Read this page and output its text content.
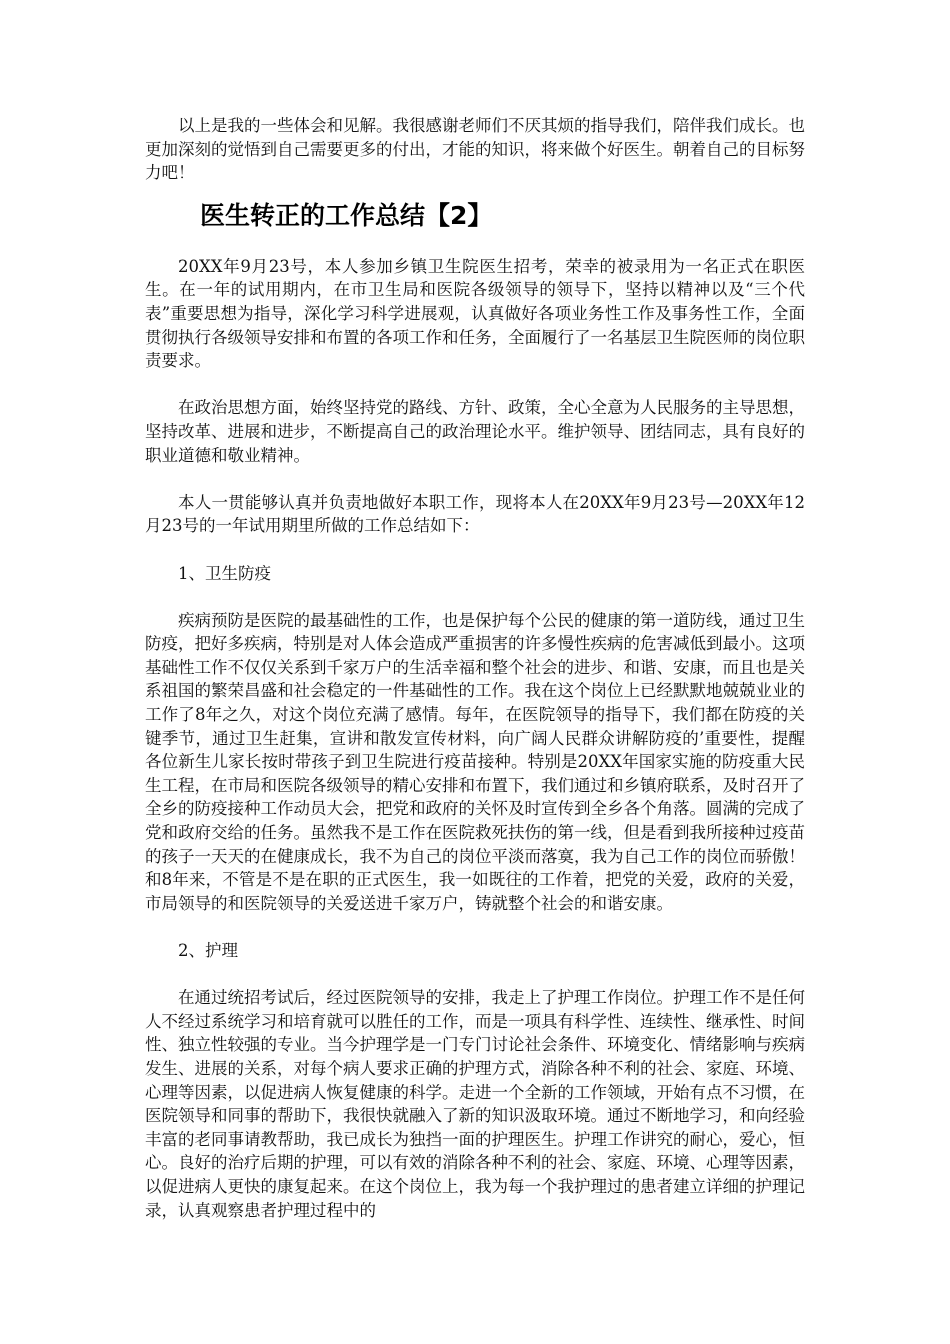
以上是我的一些体会和见解。我很感谢老师们不厌其烦的指导我们，陪伴我们成长。也更加深刻的觉悟到自己需要更多的付出，才能的知识，将来做个好医生。朝着自己的目标努力吧！

医生转正的工作总结【2】

20XX年9月23号，本人参加乡镇卫生院医生招考，荣幸的被录用为一名正式在职医生。在一年的试用期内，在市卫生局和医院各级领导的领导下，坚持以精神以及“三个代表”重要思想为指导，深化学习科学进展观，认真做好各项业务性工作及事务性工作，全面贯彻执行各级领导安排和布置的各项工作和任务，全面履行了一名基层卫生院医师的岗位职责要求。

在政治思想方面，始终坚持党的路线、方针、政策，全心全意为人民服务的主导思想，坚持改革、进展和进步，不断提高自己的政治理论水平。维护领导、团结同志，具有良好的职业道德和敬业精神。

本人一贯能够认真并负责地做好本职工作，现将本人在20XX年9月23号—20XX年12月23号的一年试用期里所做的工作总结如下：

1、卫生防疫

疾病预防是医院的最基础性的工作，也是保护每个公民的健康的第一道防线，通过卫生防疫，把好多疾病，特别是对人体会造成严重损害的许多慢性疾病的危害减低到最小。这项基础性工作不仅仅关系到千家万户的生活幸福和整个社会的进步、和谐、安康，而且也是关系祖国的繁荣昌盛和社会稳定的一件基础性的工作。我在这个岗位上已经默默地兢兢业业的工作了8年之久，对这个岗位充满了感情。每年，在医院领导的指导下，我们都在防疫的关键季节，通过卫生赶集，宣讲和散发宣传材料，向广阔人民群众讲解防疫的’重要性，提醒各位新生儿家长按时带孩子到卫生院进行疫苗接种。特别是20XX年国家实施的防疫重大民生工程，在市局和医院各级领导的精心安排和布置下，我们通过和乡镇府联系，及时召开了全乡的防疫接种工作动员大会，把党和政府的关怀及时宣传到全乡各个角落。圆满的完成了党和政府交给的任务。虽然我不是工作在医院救死扶伤的第一线，但是看到我所接种过疫苗的孩子一天天的在健康成长，我不为自己的岗位平淡而落寞，我为自己工作的岗位而骄傲！和8年来，不管是不是在职的正式医生，我一如既往的工作着，把党的关爱，政府的关爱，市局领导的和医院领导的关爱送进千家万户，铸就整个社会的和谐安康。

2、护理

在通过统招考试后，经过医院领导的安排，我走上了护理工作岗位。护理工作不是任何人不经过系统学习和培育就可以胜任的工作，而是一项具有科学性、连续性、继承性、时间性、独立性较强的专业。当今护理学是一门专门讨论社会条件、环境变化、情绪影响与疾病发生、进展的关系，对每个病人要求正确的护理方式，消除各种不利的社会、家庭、环境、心理等因素，以促进病人恢复健康的科学。走进一个全新的工作领域，开始有点不习惯，在医院领导和同事的帮助下，我很快就融入了新的知识汲取环境。通过不断地学习，和向经验丰富的老同事请教帮助，我已成长为独挡一面的护理医生。护理工作讲究的耐心，爱心，恒心。良好的治疗后期的护理，可以有效的消除各种不利的社会、家庭、环境、心理等因素，以促进病人更快的康复起来。在这个岗位上，我为每一个我护理过的患者建立详细的护理记录，认真观察患者护理过程中的
